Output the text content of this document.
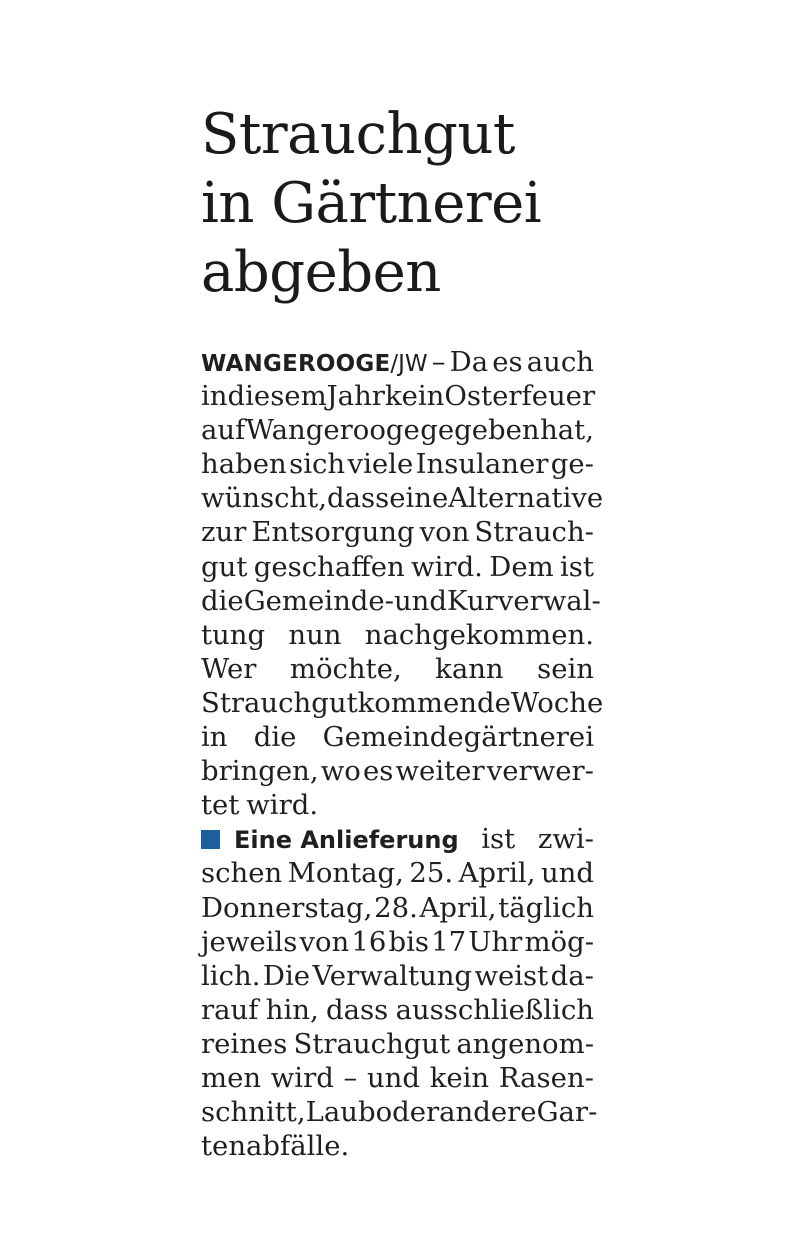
Strauchgut
in Gärtnerei
abgeben
WANGEROOGE/JW – Da es auch
in diesem Jahr kein Osterfeuer
auf Wangerooge gegeben hat,
haben sich viele Insulaner ge-
wünscht, dass eine Alternative
zur Entsorgung von Strauch-
gut geschaffen wird. Dem ist
die Gemeinde- und Kurverwal-
tung nun nachgekommen.
Wer möchte, kann sein
Strauchgut kommende Woche
in die Gemeindegärtnerei
bringen, wo es weiter verwer-
tet wird.
Eine Anlieferung ist zwi-
schen Montag, 25. April, und
Donnerstag, 28. April, täglich
jeweils von 16 bis 17 Uhr mög-
lich. Die Verwaltung weist da-
rauf hin, dass ausschließlich
reines Strauchgut angenom-
men wird – und kein Rasen-
schnitt, Laub oder andere Gar-
tenabfälle.
